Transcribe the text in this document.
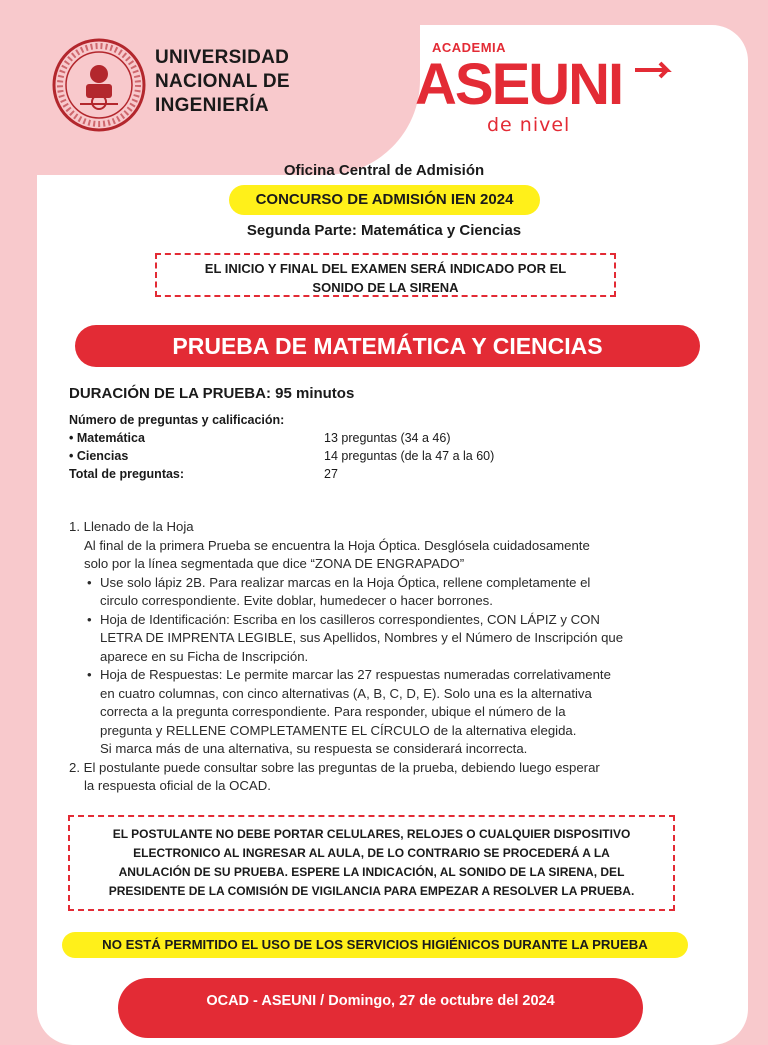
UNIVERSIDAD
NACIONAL DE
INGENIERÍA
ACADEMIA
ASEUNI
de nivel
Oficina Central de Admisión
CONCURSO DE ADMISIÓN IEN 2024
Segunda Parte: Matemática y Ciencias
EL INICIO Y FINAL DEL EXAMEN SERÁ INDICADO POR EL
SONIDO DE LA SIRENA
PRUEBA DE MATEMÁTICA Y CIENCIAS
DURACIÓN DE LA PRUEBA: 95 minutos
Número de preguntas y calificación:
• Matemática	13 preguntas (34 a 46)
• Ciencias	14 preguntas (de la 47 a la 60)
Total de preguntas:	27

1. Llenado de la Hoja

Al final de la primera Prueba se encuentra la Hoja Óptica. Desglósela cuidadosamente

solo por la línea segmentada que dice “ZONA DE ENGRAPADO”

• Use solo lápiz 2B. Para realizar marcas en la Hoja Óptica, rellene completamente el

circulo correspondiente. Evite doblar, humedecer o hacer borrones.

• Hoja de Identificación: Escriba en los casilleros correspondientes, CON LÁPIZ y CON

LETRA DE IMPRENTA LEGIBLE, sus Apellidos, Nombres y el Número de Inscripción que

aparece en su Ficha de Inscripción.

• Hoja de Respuestas: Le permite marcar las 27 respuestas numeradas correlativamente

en cuatro columnas, con cinco alternativas (A, B, C, D, E). Solo una es la alternativa

correcta a la pregunta correspondiente. Para responder, ubique el número de la

pregunta y RELLENE COMPLETAMENTE EL CÍRCULO de la alternativa elegida.

Si marca más de una alternativa, su respuesta se considerará incorrecta.

2. El postulante puede consultar sobre las preguntas de la prueba, debiendo luego esperar

la respuesta oficial de la OCAD.

EL POSTULANTE NO DEBE PORTAR CELULARES, RELOJES O CUALQUIER DISPOSITIVO
ELECTRONICO AL INGRESAR AL AULA, DE LO CONTRARIO SE PROCEDERÁ A LA
ANULACIÓN DE SU PRUEBA. ESPERE LA INDICACIÓN, AL SONIDO DE LA SIRENA, DEL
PRESIDENTE DE LA COMISIÓN DE VIGILANCIA PARA EMPEZAR A RESOLVER LA PRUEBA.
NO ESTÁ PERMITIDO EL USO DE LOS SERVICIOS HIGIÉNICOS DURANTE LA PRUEBA
OCAD - ASEUNI / Domingo, 27 de octubre del 2024
